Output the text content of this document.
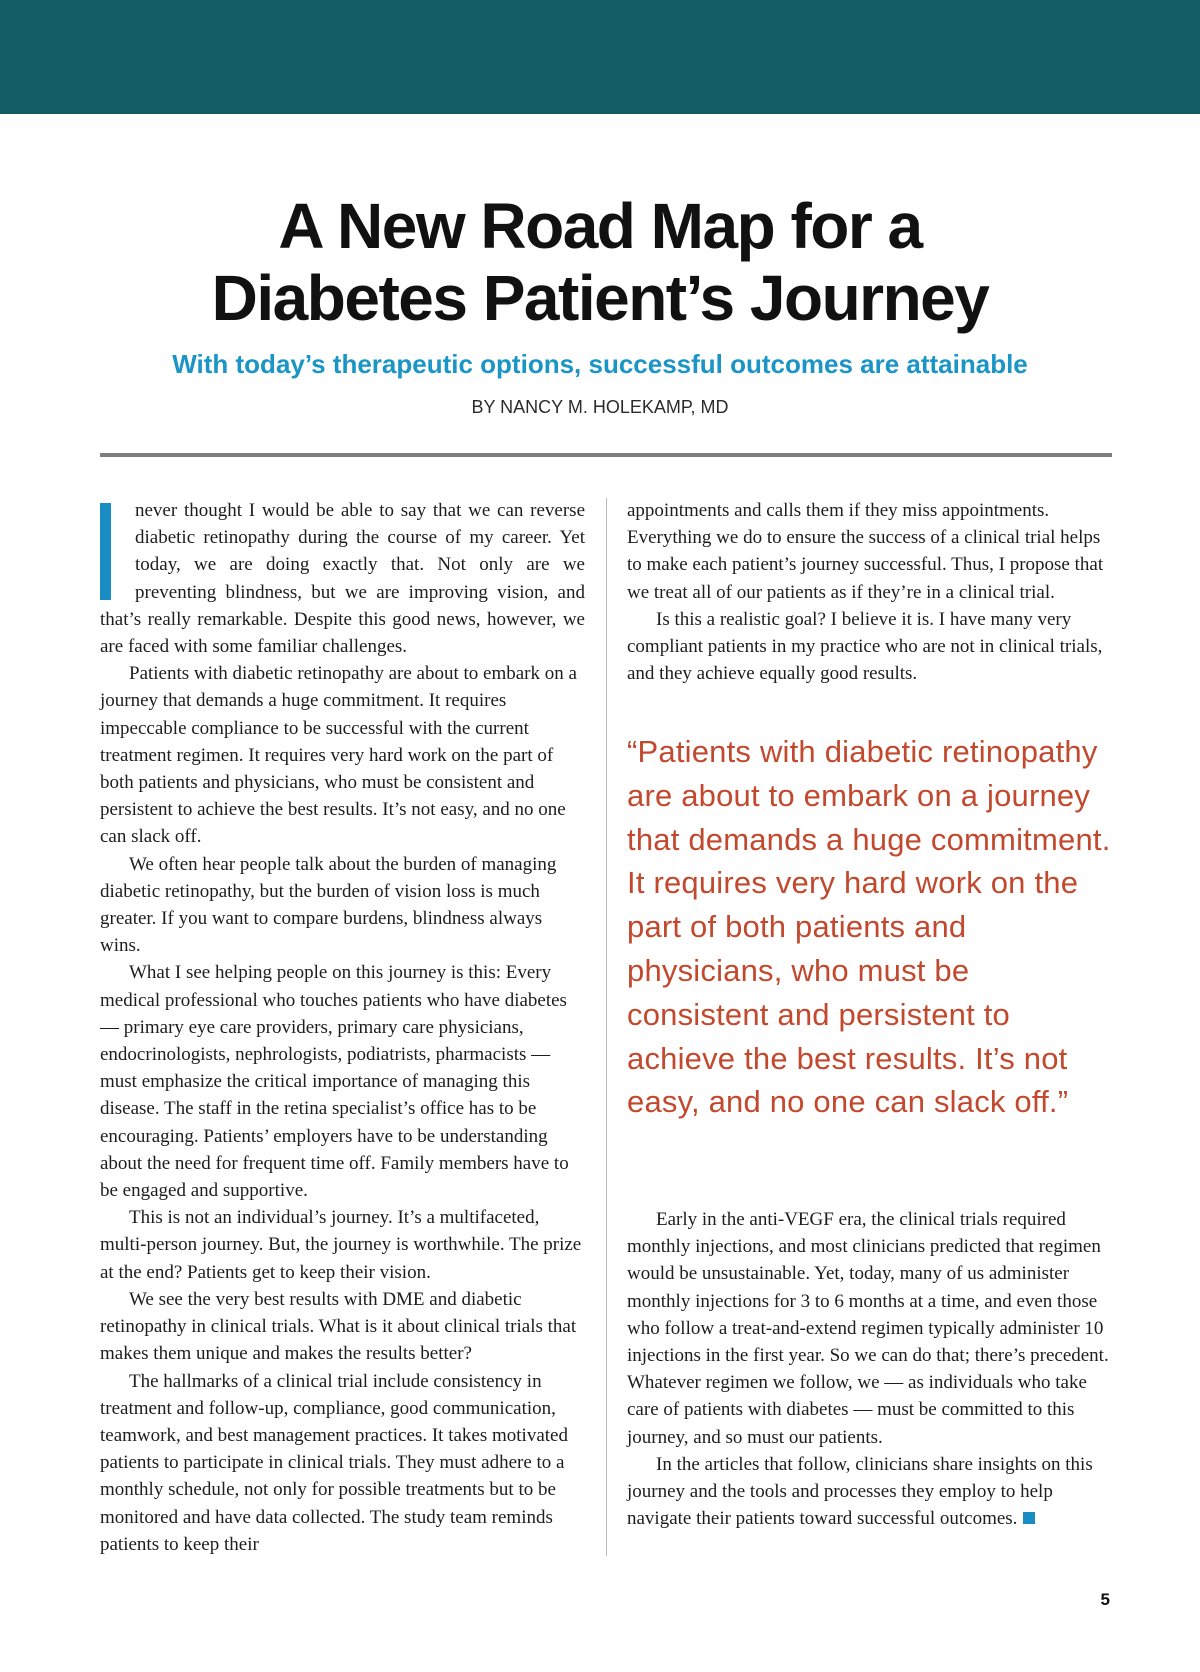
A New Road Map for a
Diabetes Patient’s Journey
With today’s therapeutic options, successful outcomes are attainable
BY NANCY M. HOLEKAMP, MD

never thought I would be able to say that we can reverse diabetic retinopathy during the course of my career. Yet today, we are doing exactly that. Not only are we preventing blindness, but we are improving vision, and that’s really remarkable. Despite this good news, however, we are faced with some familiar challenges.

Patients with diabetic retinopathy are about to embark on a journey that demands a huge commitment. It requires impeccable compliance to be successful with the current treatment regimen. It requires very hard work on the part of both patients and physicians, who must be consistent and persistent to achieve the best results. It’s not easy, and no one can slack off.

We often hear people talk about the burden of managing diabetic retinopathy, but the burden of vision loss is much greater. If you want to compare burdens, blindness always wins.

What I see helping people on this journey is this: Every medical professional who touches patients who have diabetes — primary eye care providers, primary care physicians, endocrinologists, nephrologists, podiatrists, pharmacists — must emphasize the critical importance of managing this disease. The staff in the retina specialist’s office has to be encouraging. Patients’ employers have to be understanding about the need for frequent time off. Family members have to be engaged and supportive.

This is not an individual’s journey. It’s a multifaceted, multi-person journey. But, the journey is worthwhile. The prize at the end? Patients get to keep their vision.

We see the very best results with DME and diabetic retinopathy in clinical trials. What is it about clinical trials that makes them unique and makes the results better?

The hallmarks of a clinical trial include consistency in treatment and follow-up, compliance, good communication, teamwork, and best management practices. It takes motivated patients to participate in clinical trials. They must adhere to a monthly schedule, not only for possible treatments but to be monitored and have data collected. The study team reminds patients to keep their

appointments and calls them if they miss appointments. Everything we do to ensure the success of a clinical trial helps to make each patient’s journey successful. Thus, I propose that we treat all of our patients as if they’re in a clinical trial.

Is this a realistic goal? I believe it is. I have many very compliant patients in my practice who are not in clinical trials, and they achieve equally good results.

“Patients with diabetic retinopathy are about to embark on a journey that demands a huge commitment. It requires very hard work on the part of both patients and physicians, who must be consistent and persistent to achieve the best results. It’s not easy, and no one can slack off.”

Early in the anti-VEGF era, the clinical trials required monthly injections, and most clinicians predicted that regimen would be unsustainable. Yet, today, many of us administer monthly injections for 3 to 6 months at a time, and even those who follow a treat-and-extend regimen typically administer 10 injections in the first year. So we can do that; there’s precedent. Whatever regimen we follow, we — as individuals who take care of patients with diabetes — must be committed to this journey, and so must our patients.

In the articles that follow, clinicians share insights on this journey and the tools and processes they employ to help navigate their patients toward successful outcomes.

5
